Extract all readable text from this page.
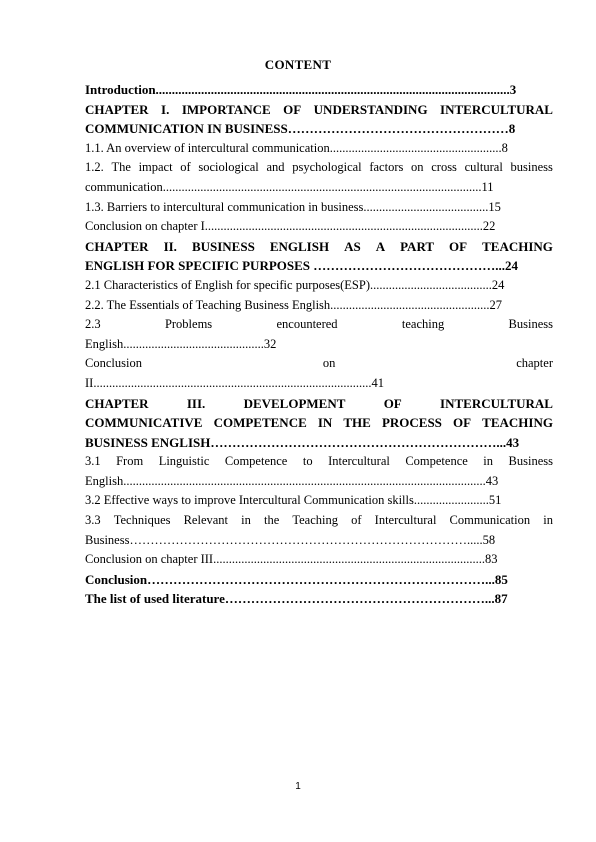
CONTENT
Introduction.............................................................................................................3
CHAPTER I. IMPORTANCE OF UNDERSTANDING INTERCULTURAL
COMMUNICATION IN BUSINESS……………………………………………8
1.1. An overview of intercultural communication.......................................................8
1.2. The impact of sociological and psychological factors on cross cultural business
communication......................................................................................................11
1.3. Barriers to intercultural communication in business........................................15
Conclusion on chapter I.........................................................................................22
CHAPTER II. BUSINESS ENGLISH AS A PART OF TEACHING
ENGLISH FOR SPECIFIC PURPOSES ……………………………………...24
2.1 Characteristics of English for specific purposes(ESP).......................................24
2.2. The Essentials of Teaching Business English...................................................27
2.3	Problems	encountered	teaching	Business
English.............................................32
Conclusion	on	chapter
II.........................................................................................41
CHAPTER	III.	DEVELOPMENT	OF	INTERCULTURAL
COMMUNICATIVE COMPETENCE IN THE PROCESS OF TEACHING
BUSINESS ENGLISH…………………………………………………………...43
3.1 From Linguistic Competence to Intercultural Competence in Business
English....................................................................................................................43
3.2 Effective ways to improve Intercultural Communication skills........................51
3.3 Techniques Relevant in the Teaching of Intercultural Communication in
Business……………………………………………………………………….....58
Conclusion on chapter III.......................................................................................83
Conclusion……………………………………………………………………...85
The list of used literature……………………………………………………...87
1
